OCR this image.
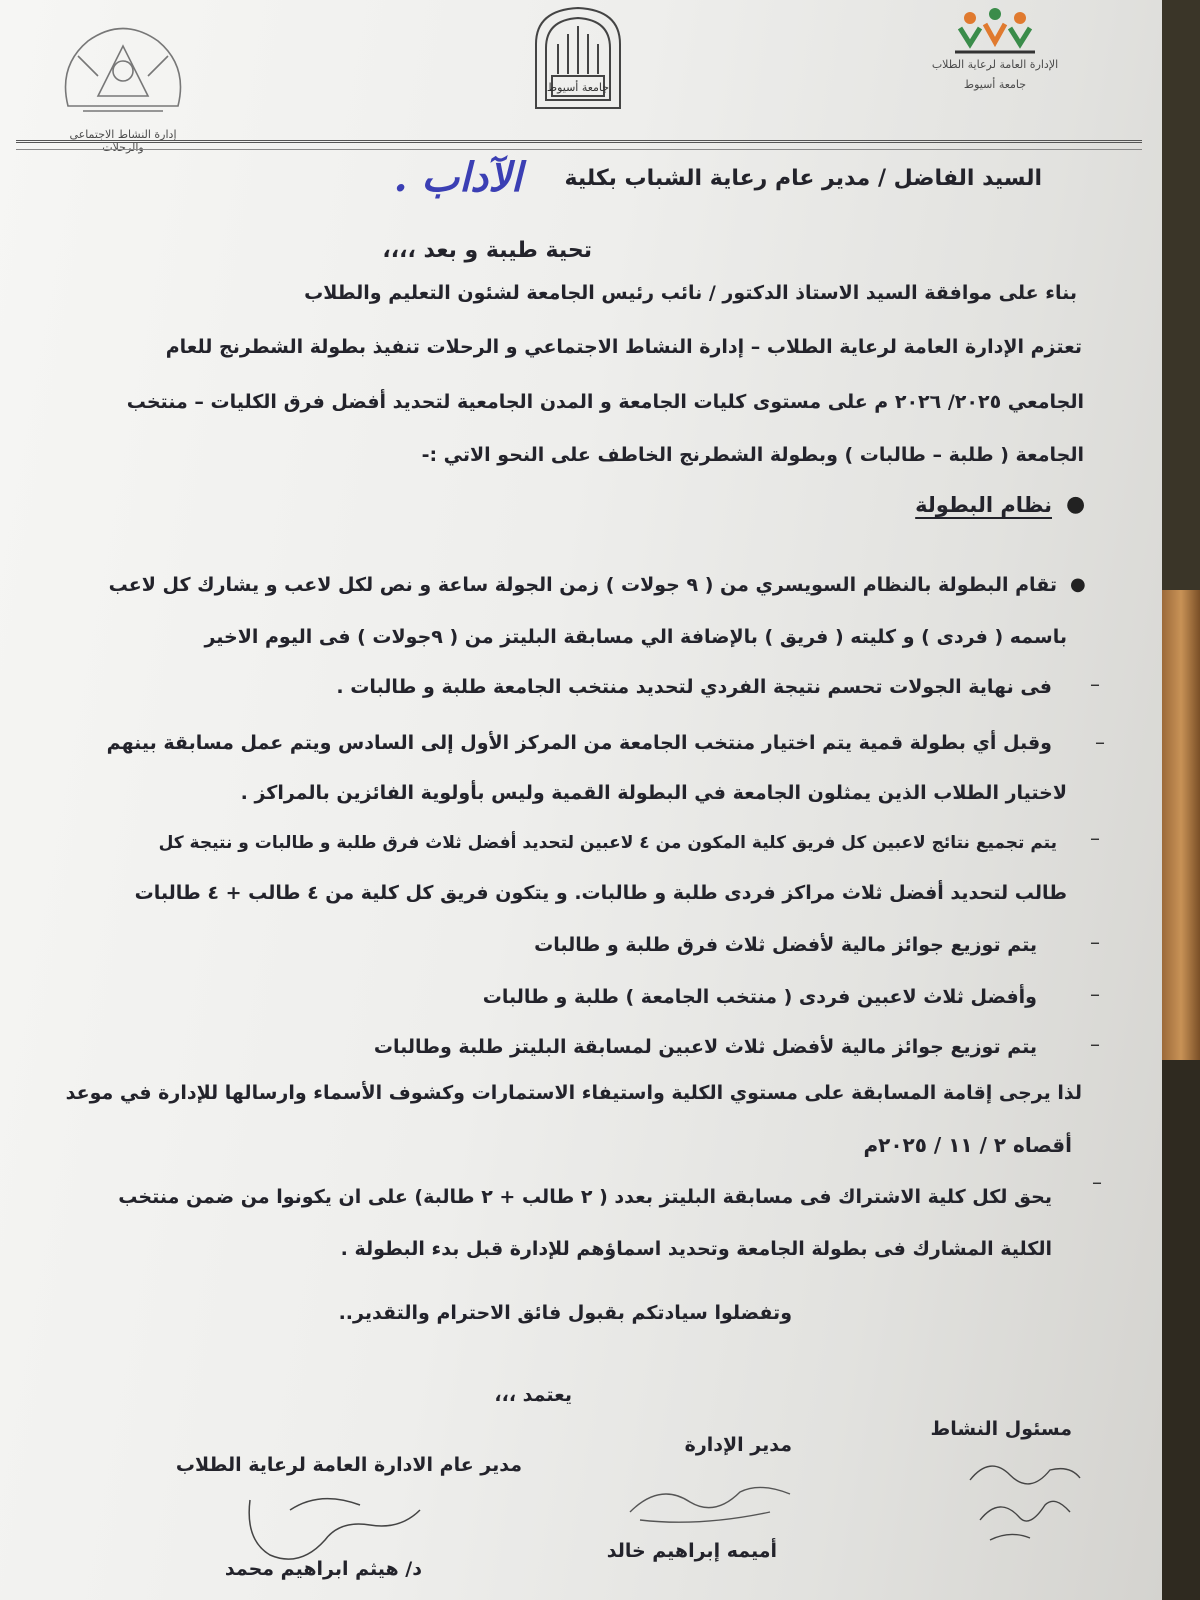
إدارة النشاط الاجتماعي والرحلات
جامعة أسيوط
الإدارة العامة لرعاية الطلاب
جامعة أسيوط
السيد الفاضل / مدير عام رعاية الشباب بكلية
الآداب .
تحية طيبة و بعد ،،،،
بناء على موافقة السيد الاستاذ الدكتور / نائب رئيس الجامعة لشئون التعليم والطلاب
تعتزم الإدارة العامة لرعاية الطلاب – إدارة النشاط الاجتماعي و الرحلات تنفيذ بطولة الشطرنج للعام
الجامعي ٢٠٢٥/ ٢٠٢٦ م على مستوى كليات الجامعة و المدن الجامعية لتحديد أفضل فرق الكليات – منتخب
الجامعة ( طلبة – طالبات ) وبطولة الشطرنج الخاطف على النحو الاتي :-
●
نظام البطولة
●
تقام البطولة بالنظام السويسري من ( ٩ جولات ) زمن الجولة ساعة و نص لكل لاعب و يشارك كل لاعب
باسمه ( فردى ) و كليته ( فريق ) بالإضافة الي مسابقة البليتز من ( ٩جولات ) فى اليوم الاخير
–
فى نهاية الجولات تحسم نتيجة الفردي لتحديد منتخب الجامعة طلبة و طالبات .
–
وقبل أي بطولة قمية يتم اختيار منتخب الجامعة من المركز الأول إلى السادس ويتم عمل مسابقة بينهم
لاختيار الطلاب الذين يمثلون الجامعة في البطولة القمية وليس بأولوية الفائزين بالمراكز .
–
يتم تجميع نتائج لاعبين كل فريق كلية المكون من ٤ لاعبين لتحديد أفضل ثلاث فرق طلبة و طالبات و نتيجة كل
طالب لتحديد أفضل ثلاث مراكز فردى طلبة و طالبات. و يتكون فريق كل كلية من ٤ طالب + ٤ طالبات
–
يتم توزيع جوائز مالية لأفضل ثلاث فرق طلبة و طالبات
–
وأفضل ثلاث لاعبين فردى ( منتخب الجامعة ) طلبة و طالبات
–
يتم توزيع جوائز مالية لأفضل ثلاث لاعبين لمسابقة البليتز طلبة وطالبات
لذا يرجى إقامة المسابقة على مستوي الكلية واستيفاء الاستمارات وكشوف الأسماء وارسالها للإدارة في موعد
أقصاه ٢ / ١١ / ٢٠٢٥م
–
يحق لكل كلية الاشتراك فى مسابقة البليتز بعدد ( ٢ طالب + ٢ طالبة) على ان يكونوا من ضمن منتخب
الكلية المشارك فى بطولة الجامعة وتحديد اسماؤهم للإدارة قبل بدء البطولة .
وتفضلوا سيادتكم بقبول فائق الاحترام والتقدير..
يعتمد ،،،
مسئول النشاط
مدير الإدارة
مدير عام الادارة العامة لرعاية الطلاب
أميمه إبراهيم خالد
د/ هيثم ابراهيم محمد
